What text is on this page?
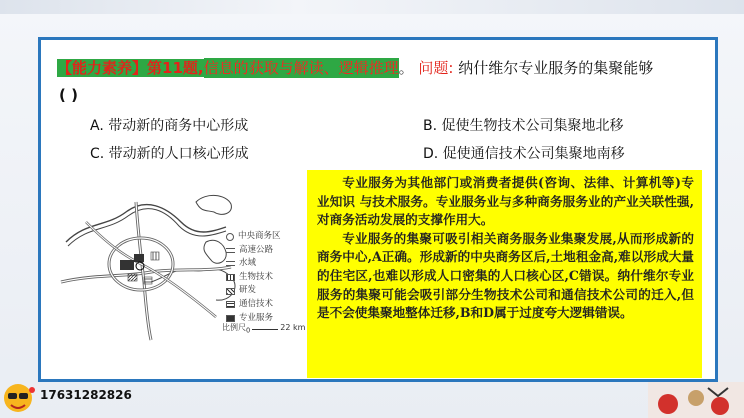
【能力素养】第11题,信息的获取与解读、逻辑推理。 问题: 纳什维尔专业服务的集聚能够
( )
A. 带动新的商务中心形成	B. 促使生物技术公司集聚地北移
C. 带动新的人口核心形成	D. 促使通信技术公司集聚地南移
中央商务区
高速公路
水域
生物技术
研发
通信技术
专业服务
比例尺$_0$	22 km

专业服务为其他部门或消费者提供(咨询、法律、计算机等)专业知识 与技术服务。专业服务业与多种商务服务业的产业关联性强,对商务活动发展的支撑作用大。

专业服务的集聚可吸引相关商务服务业集聚发展,从而形成新的商务中心,A正确。形成新的中央商务区后,土地租金高,难以形成大量的住宅区,也难以形成人口密集的人口核心区,C错误。纳什维尔专业服务的集聚可能会吸引部分生物技术公司和通信技术公司的迁入,但是不会使集聚地整体迁移,B和D属于过度夸大逻辑错误。

17631282826
